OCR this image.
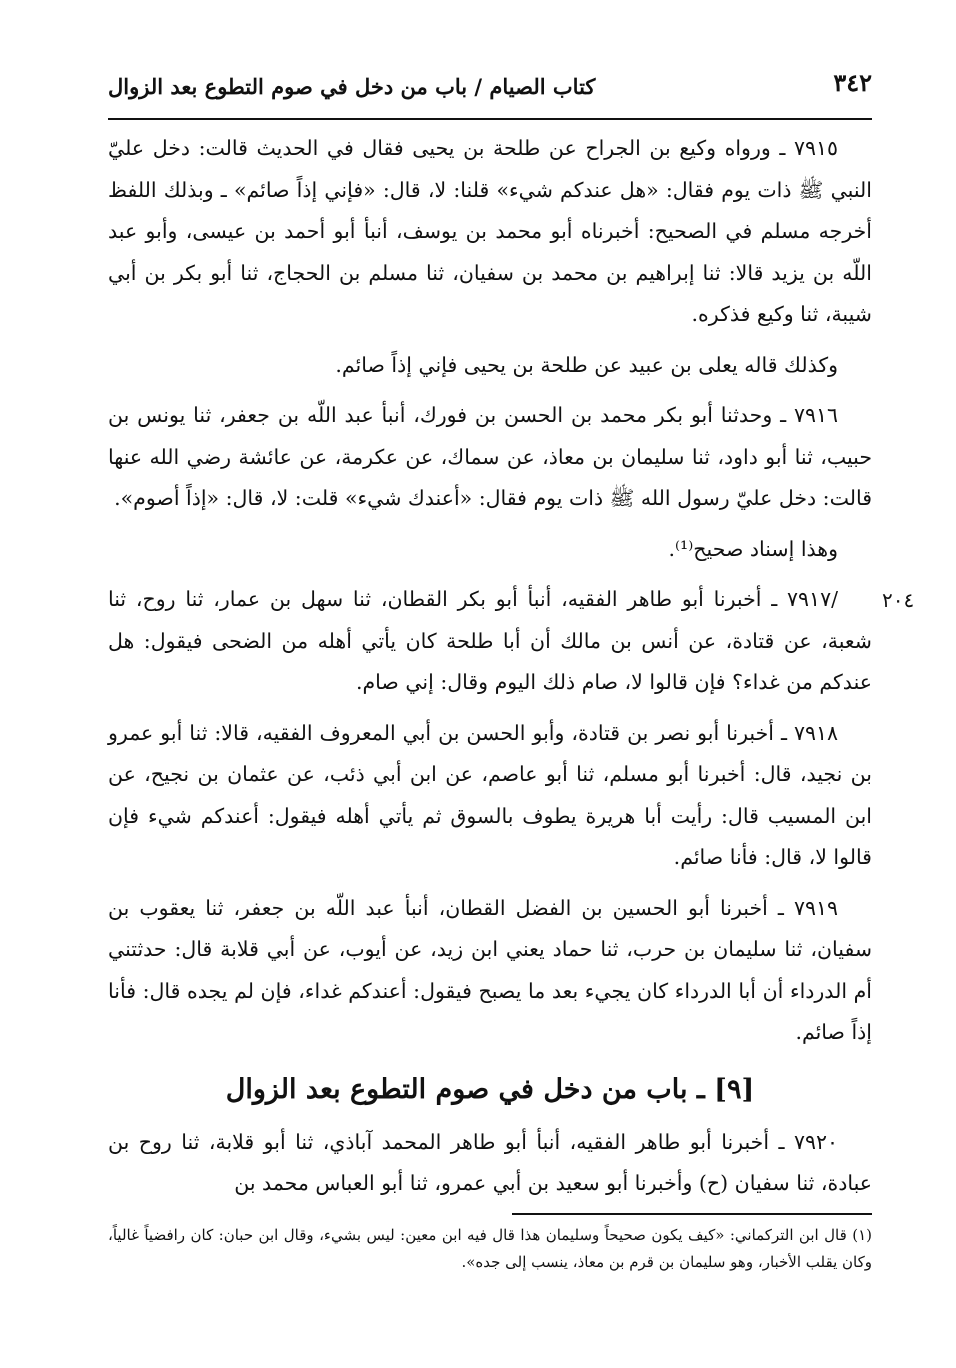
٣٤٢
كتاب الصيام / باب من دخل في صوم التطوع بعد الزوال
٢٠٤

٧٩١٥ ـ ورواه وكيع بن الجراح عن طلحة بن يحيى فقال في الحديث قالت: دخل عليّ النبي ﷺ ذات يوم فقال: «هل عندكم شيء» قلنا: لا، قال: «فإني إذاً صائم» ـ وبذلك اللفظ أخرجه مسلم في الصحيح: أخبرناه أبو محمد بن يوسف، أنبأ أبو أحمد بن عيسى، وأبو عبد اللّه بن يزيد قالا: ثنا إبراهيم بن محمد بن سفيان، ثنا مسلم بن الحجاج، ثنا أبو بكر بن أبي شيبة، ثنا وكيع فذكره.

وكذلك قاله يعلى بن عبيد عن طلحة بن يحيى فإني إذاً صائم.

٧٩١٦ ـ وحدثنا أبو بكر محمد بن الحسن بن فورك، أنبأ عبد اللّه بن جعفر، ثنا يونس بن حبيب، ثنا أبو داود، ثنا سليمان بن معاذ، عن سماك، عن عكرمة، عن عائشة رضي الله عنها قالت: دخل عليّ رسول الله ﷺ ذات يوم فقال: «أعندك شيء» قلت: لا، قال: «إذاً أصوم».

وهذا إسناد صحيح⁽¹⁾.

/٧٩١٧ ـ أخبرنا أبو طاهر الفقيه، أنبأ أبو بكر القطان، ثنا سهل بن عمار، ثنا روح، ثنا شعبة، عن قتادة، عن أنس بن مالك أن أبا طلحة كان يأتي أهله من الضحى فيقول: هل عندكم من غداء؟ فإن قالوا لا، صام ذلك اليوم وقال: إني صام.

٧٩١٨ ـ أخبرنا أبو نصر بن قتادة، وأبو الحسن بن أبي المعروف الفقيه، قالا: ثنا أبو عمرو بن نجيد، قال: أخبرنا أبو مسلم، ثنا أبو عاصم، عن ابن أبي ذئب، عن عثمان بن نجيح، عن ابن المسيب قال: رأيت أبا هريرة يطوف بالسوق ثم يأتي أهله فيقول: أعندكم شيء فإن قالوا لا، قال: فأنا صائم.

٧٩١٩ ـ أخبرنا أبو الحسين بن الفضل القطان، أنبأ عبد اللّه بن جعفر، ثنا يعقوب بن سفيان، ثنا سليمان بن حرب، ثنا حماد يعني ابن زيد، عن أيوب، عن أبي قلابة قال: حدثتني أم الدرداء أن أبا الدرداء كان يجيء بعد ما يصبح فيقول: أعندكم غداء، فإن لم يجده قال: فأنا إذاً صائم.

[٩] ـ باب من دخل في صوم التطوع بعد الزوال

٧٩٢٠ ـ أخبرنا أبو طاهر الفقيه، أنبأ أبو طاهر المحمد آباذي، ثنا أبو قلابة، ثنا روح بن عبادة، ثنا سفيان (ح) وأخبرنا أبو سعيد بن أبي عمرو، ثنا أبو العباس محمد بن

(١) قال ابن التركماني: «كيف يكون صحيحاً وسليمان هذا قال فيه ابن معين: ليس بشيء، وقال ابن حبان: كان رافضياً غالياً، وكان يقلب الأخبار، وهو سليمان بن قرم بن معاذ، ينسب إلى جده».
